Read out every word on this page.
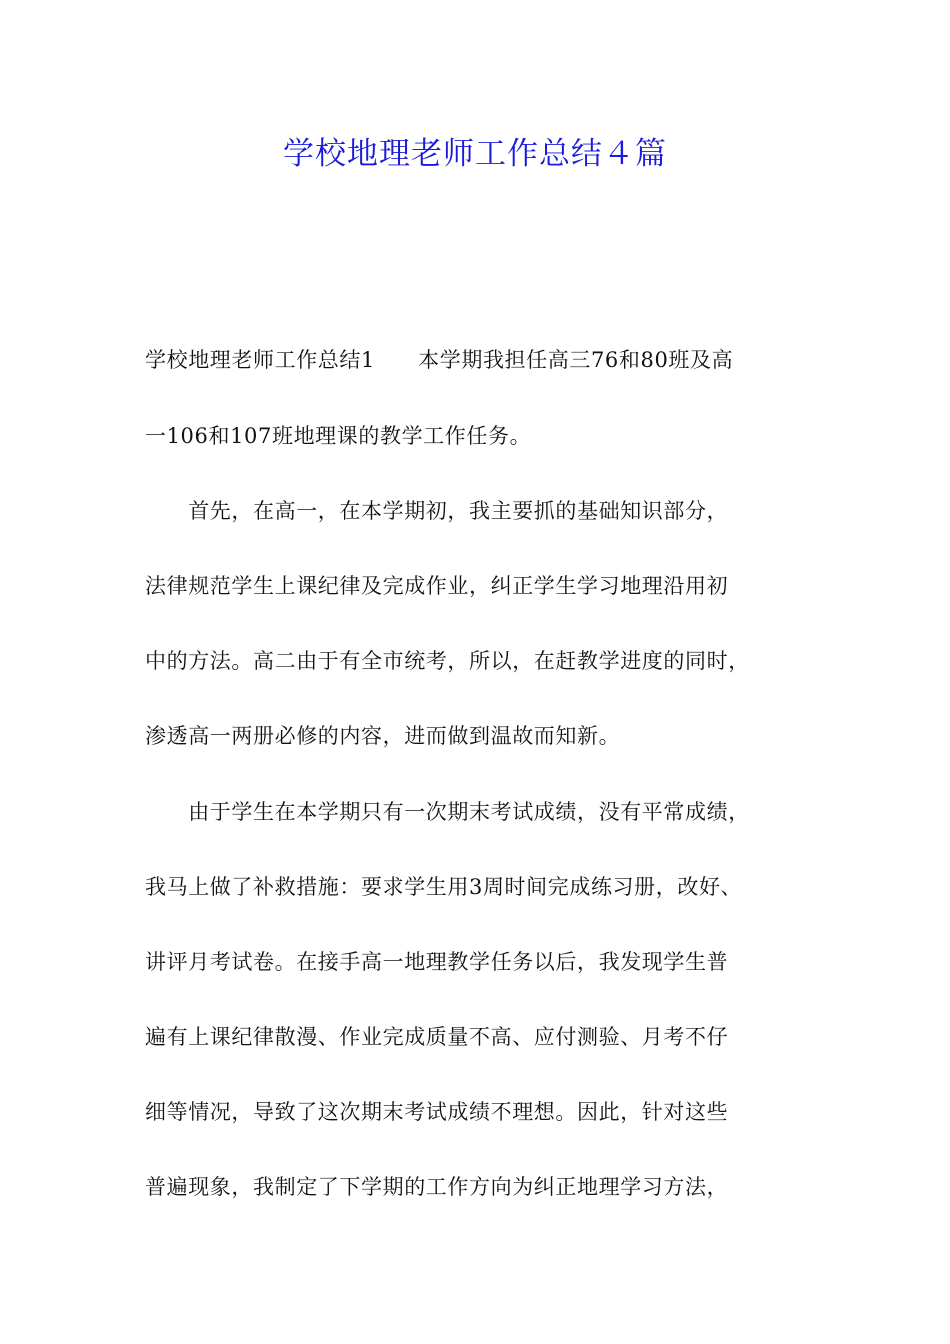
学校地理老师工作总结４篇
学校地理老师工作总结1　　本学期我担任高三76和80班及高
一106和107班地理课的教学工作任务。
　　首先，在高一，在本学期初，我主要抓的基础知识部分，
法律规范学生上课纪律及完成作业，纠正学生学习地理沿用初
中的方法。高二由于有全市统考，所以，在赶教学进度的同时，
渗透高一两册必修的内容，进而做到温故而知新。
　　由于学生在本学期只有一次期末考试成绩，没有平常成绩，
我马上做了补救措施：要求学生用3周时间完成练习册，改好、
讲评月考试卷。在接手高一地理教学任务以后，我发现学生普
遍有上课纪律散漫、作业完成质量不高、应付测验、月考不仔
细等情况，导致了这次期末考试成绩不理想。因此，针对这些
普遍现象，我制定了下学期的工作方向为纠正地理学习方法，
